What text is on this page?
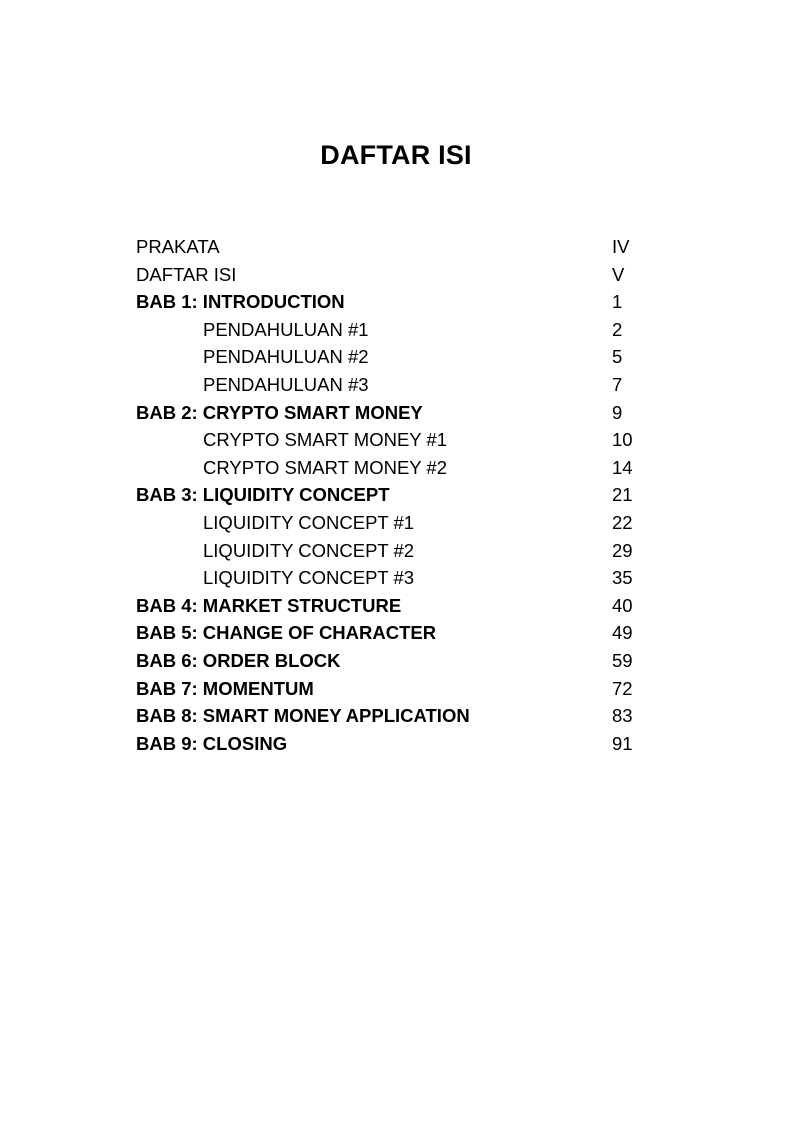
DAFTAR ISI
PRAKATA	IV
DAFTAR ISI	V
BAB 1: INTRODUCTION	1
PENDAHULUAN #1	2
PENDAHULUAN #2	5
PENDAHULUAN #3	7
BAB 2: CRYPTO SMART MONEY	9
CRYPTO SMART MONEY #1	10
CRYPTO SMART MONEY #2	14
BAB 3: LIQUIDITY CONCEPT	21
LIQUIDITY CONCEPT #1	22
LIQUIDITY CONCEPT #2	29
LIQUIDITY CONCEPT #3	35
BAB 4: MARKET STRUCTURE	40
BAB 5: CHANGE OF CHARACTER	49
BAB 6: ORDER BLOCK	59
BAB 7: MOMENTUM	72
BAB 8: SMART MONEY APPLICATION	83
BAB 9: CLOSING	91
